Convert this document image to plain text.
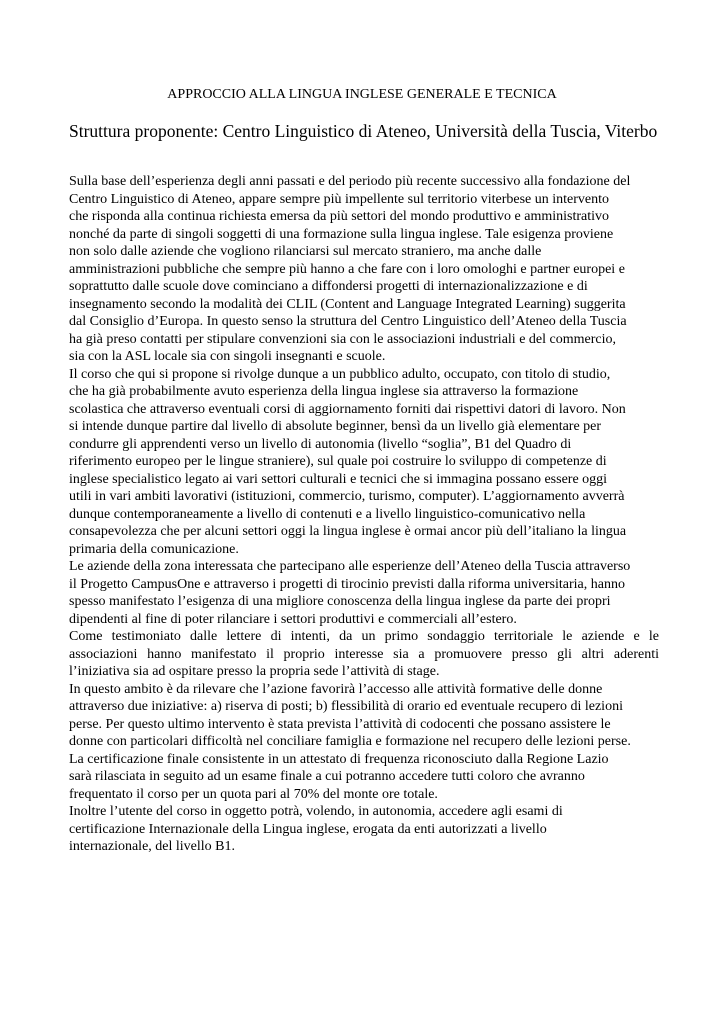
APPROCCIO ALLA LINGUA INGLESE GENERALE E TECNICA
Struttura proponente: Centro Linguistico di Ateneo, Università della Tuscia, Viterbo
Sulla base dell’esperienza degli anni passati e del periodo più recente successivo alla fondazione del
Centro Linguistico di Ateneo, appare sempre più impellente sul territorio viterbese un intervento
che risponda alla continua richiesta emersa da più settori del mondo produttivo e amministrativo
nonché da parte di singoli soggetti di una formazione sulla lingua inglese. Tale esigenza proviene
non solo dalle aziende che vogliono rilanciarsi sul mercato straniero, ma anche dalle
amministrazioni pubbliche che sempre più hanno a che fare con i loro omologhi e partner europei e
soprattutto dalle scuole dove cominciano a diffondersi progetti di internazionalizzazione e di
insegnamento secondo la modalità dei CLIL (Content and Language Integrated Learning) suggerita
dal Consiglio d’Europa. In questo senso la struttura del Centro Linguistico dell’Ateneo della Tuscia
ha già preso contatti per stipulare convenzioni sia con le associazioni industriali e del commercio,
sia con la ASL locale sia con singoli insegnanti e scuole.
Il corso che qui si propone si rivolge dunque a un pubblico adulto, occupato, con titolo di studio,
che ha già probabilmente avuto esperienza della lingua inglese sia attraverso la formazione
scolastica che attraverso eventuali corsi di aggiornamento forniti dai rispettivi datori di lavoro. Non
si intende dunque partire dal livello di absolute beginner, bensì da un livello già elementare per
condurre gli apprendenti verso un livello di autonomia (livello “soglia”, B1 del Quadro di
riferimento europeo per le lingue straniere), sul quale poi costruire lo sviluppo di competenze di
inglese specialistico legato ai vari settori culturali e tecnici che si immagina possano essere oggi
utili in vari ambiti lavorativi (istituzioni, commercio, turismo, computer). L’aggiornamento avverrà
dunque contemporaneamente a livello di contenuti e a livello linguistico-comunicativo nella
consapevolezza che per alcuni settori oggi la lingua inglese è ormai ancor più dell’italiano la lingua
primaria della comunicazione.
Le aziende della zona interessata che partecipano alle esperienze dell’Ateneo della Tuscia attraverso
il Progetto CampusOne e attraverso i progetti di tirocinio previsti dalla riforma universitaria, hanno
spesso manifestato l’esigenza di una migliore conoscenza della lingua inglese da parte dei propri
dipendenti al fine di poter rilanciare i settori produttivi e commerciali all’estero.
Come testimoniato dalle lettere di intenti, da un primo sondaggio territoriale le aziende e le
associazioni hanno manifestato il proprio interesse sia a promuovere presso gli altri aderenti
l’iniziativa sia ad ospitare presso la propria sede l’attività di stage.
In questo ambito è da rilevare che l’azione favorirà l’accesso alle attività formative delle donne
attraverso due iniziative: a) riserva di posti; b) flessibilità di orario ed eventuale recupero di lezioni
perse. Per questo ultimo intervento è stata prevista l’attività di codocenti che possano assistere le
donne con particolari difficoltà nel conciliare famiglia e formazione nel recupero delle lezioni perse.
La certificazione finale consistente in un attestato di frequenza riconosciuto dalla Regione Lazio
sarà rilasciata in seguito ad un esame finale a cui potranno accedere tutti coloro che avranno
frequentato il corso per un quota pari al 70% del monte ore totale.
Inoltre l’utente del corso in oggetto potrà, volendo, in autonomia, accedere agli esami di
certificazione Internazionale della Lingua inglese, erogata da enti autorizzati a livello
internazionale, del livello B1.
